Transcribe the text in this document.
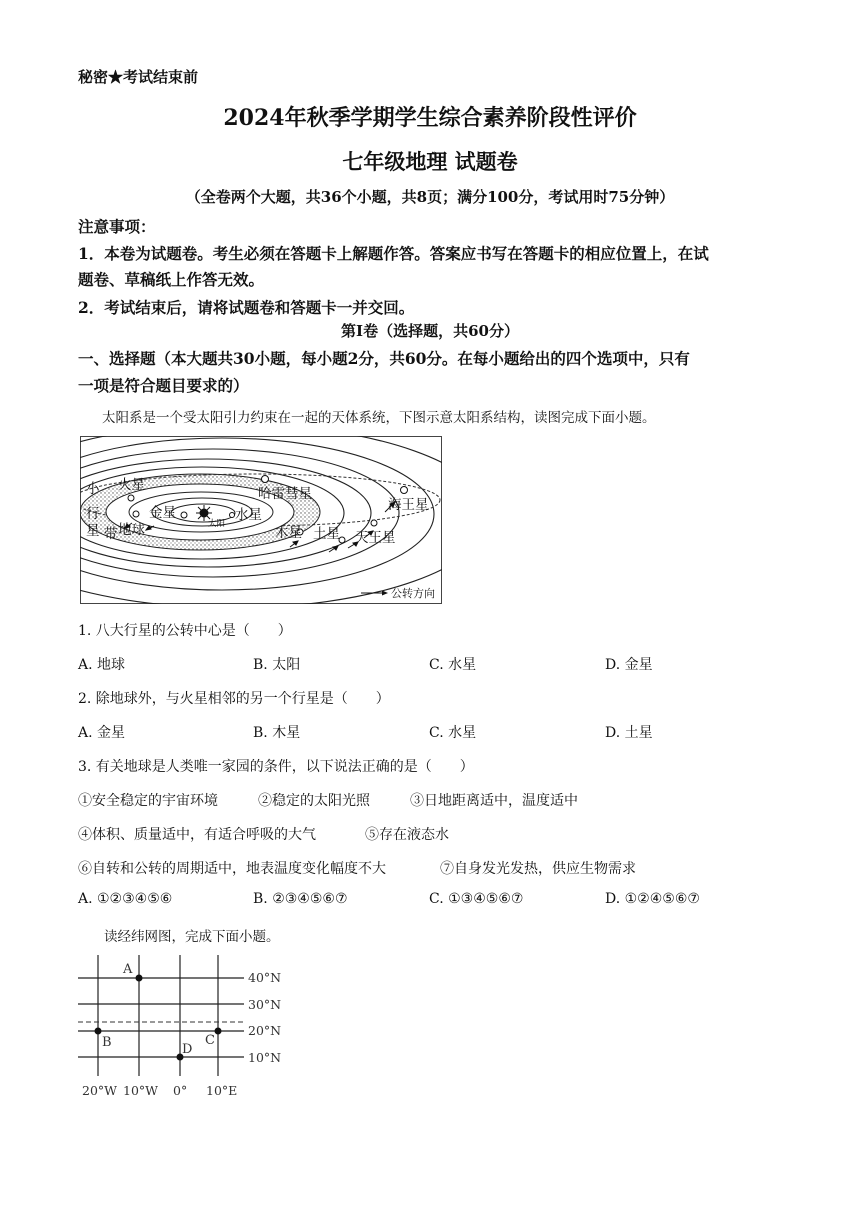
秘密★考试结束前
2024年秋季学期学生综合素养阶段性评价
七年级地理 试题卷
（全卷两个大题，共36个小题，共8页；满分100分，考试用时75分钟）
注意事项：
1．本卷为试题卷。考生必须在答题卡上解题作答。答案应书写在答题卡的相应位置上，在试
题卷、草稿纸上作答无效。
2．考试结束后，请将试题卷和答题卡一并交回。
第Ⅰ卷（选择题，共60分）
一、选择题（本大题共30小题，每小题2分，共60分。在每小题给出的四个选项中，只有
一项是符合题目要求的）
太阳系是一个受太阳引力约束在一起的天体系统，下图示意太阳系结构，读图完成下面小题。
小
行
星 带
火星
金星
地球	太阳
水星
哈雷彗星
海王星
木星 土星 天王星
公转方向
1. 八大行星的公转中心是（　　）
A. 地球	B. 太阳	C. 水星	D. 金星
2. 除地球外，与火星相邻的另一个行星是（　　）
A. 金星	B. 木星	C. 水星	D. 土星
3. 有关地球是人类唯一家园的条件，以下说法正确的是（　　）
①安全稳定的宇宙环境	②稳定的太阳光照	③日地距离适中，温度适中
④体积、质量适中，有适合呼吸的大气	⑤存在液态水
⑥自转和公转的周期适中，地表温度变化幅度不大	⑦自身发光发热，供应生物需求
A. ①②③④⑤⑥	B. ②③④⑤⑥⑦	C. ①③④⑤⑥⑦	D. ①②④⑤⑥⑦
读经纬网图，完成下面小题。
A
B	C
D
40°N
30°N
20°N
10°N
20°W 10°W 0° 10°E
